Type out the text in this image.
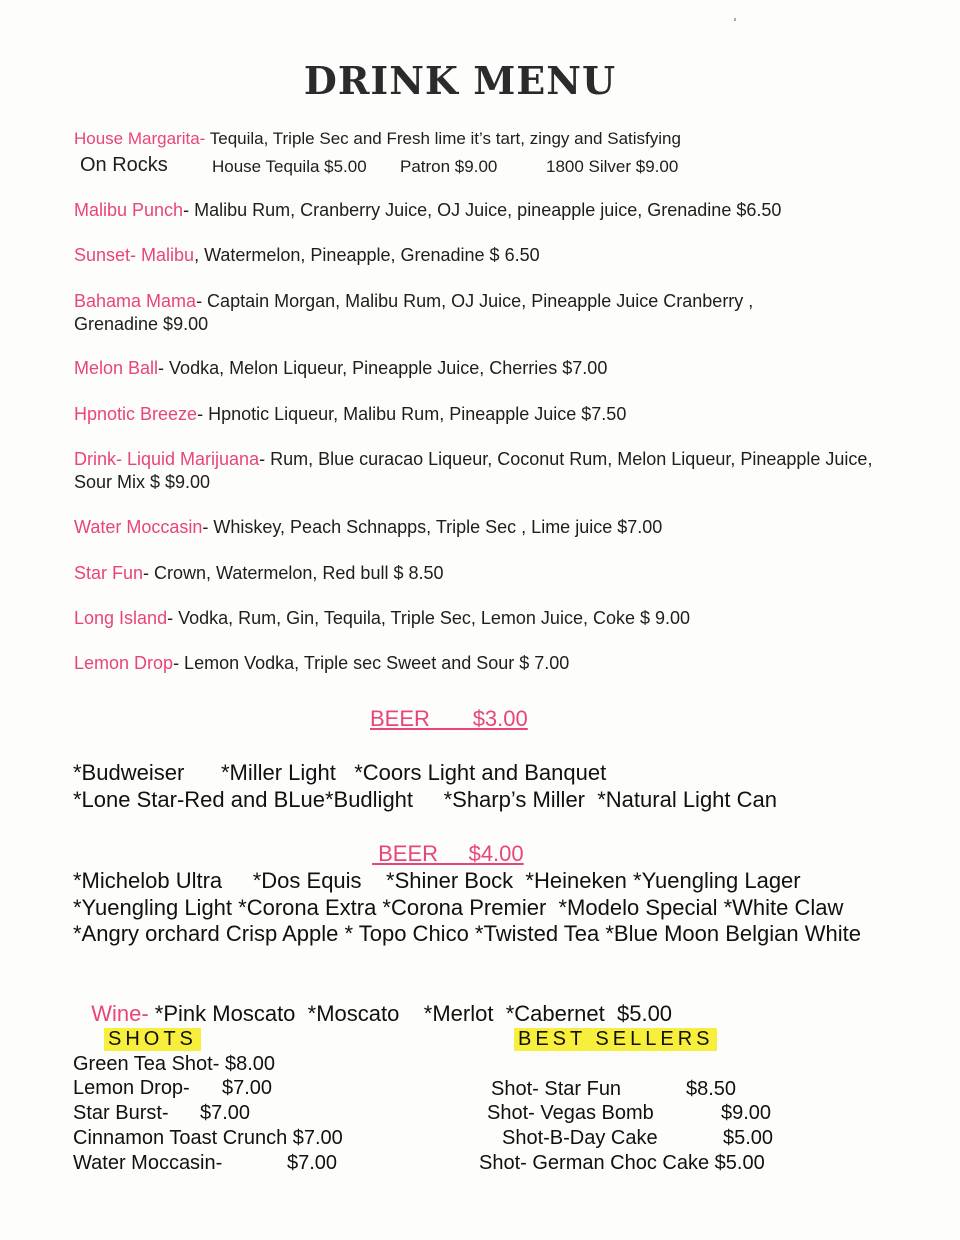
DRINK MENU
House Margarita- Tequila, Triple Sec and Fresh lime it’s tart, zingy and Satisfying
On Rocks	House Tequila $5.00 Patron $9.00	1800 Silver $9.00
Malibu Punch- Malibu Rum, Cranberry Juice, OJ Juice, pineapple juice, Grenadine $6.50
Sunset- Malibu, Watermelon, Pineapple, Grenadine $ 6.50
Bahama Mama- Captain Morgan, Malibu Rum, OJ Juice, Pineapple Juice Cranberry , Grenadine $9.00
Melon Ball- Vodka, Melon Liqueur, Pineapple Juice, Cherries $7.00
Hpnotic Breeze- Hpnotic Liqueur, Malibu Rum, Pineapple Juice $7.50
Drink- Liquid Marijuana- Rum, Blue curacao Liqueur, Coconut Rum, Melon Liqueur, Pineapple Juice, Sour Mix $ $9.00
Water Moccasin- Whiskey, Peach Schnapps, Triple Sec , Lime juice $7.00
Star Fun- Crown, Watermelon, Red bull $ 8.50
Long Island- Vodka, Rum, Gin, Tequila, Triple Sec, Lemon Juice, Coke $ 9.00
Lemon Drop- Lemon Vodka, Triple sec Sweet and Sour $ 7.00
BEER       $3.00
*Budweiser      *Miller Light   *Coors Light and Banquet
*Lone Star-Red and BLue*Budlight     *Sharp’s Miller  *Natural Light Can
BEER     $4.00
*Michelob Ultra     *Dos Equis    *Shiner Bock  *Heineken *Yuengling Lager
*Yuengling Light *Corona Extra *Corona Premier  *Modelo Special *White Claw
*Angry orchard Crisp Apple * Topo Chico *Twisted Tea *Blue Moon Belgian White

Wine- *Pink Moscato  *Moscato    *Merlot  *Cabernet  $5.00

SHOTS
Green Tea Shot- $8.00
Lemon Drop- $7.00
Star Burst- $7.00
Cinnamon Toast Crunch $7.00
Water Moccasin-	$7.00
BEST SELLERS
Shot- Star Fun	$8.50
Shot- Vegas Bomb	$9.00
Shot-B-Day Cake	$5.00
Shot- German Choc Cake $5.00
